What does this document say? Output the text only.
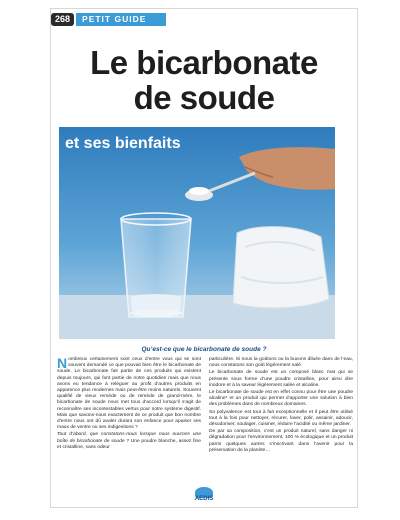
268	PETIT GUIDE
Le bicarbonate
de soude
et ses bienfaits
Qu’est-ce que le bicarbonate de soude ?

Nombreux certainement sont ceux d’entre vous qui se sont souvent demandé ce que pouvait bien être le bicarbonate de soude. Le bicarbonate fait partie de ces produits qui existent depuis toujours, qui font partie de notre quotidien mais que nous avons eu tendance à reléguer au profit d’autres produits en apparence plus modernes mais peut-être moins naturels. Souvent qualifié de vieux remède ou de remède de grand-mère, le bicarbonate de soude nous met tous d’accord lorsqu’il s’agit de reconnaître ses incontestables vertus pour notre système digestif. Mais que savons-nous exactement de ce produit que bon nombre d’entre nous ont dû avaler durant son enfance pour apaiser ses maux de ventre ou ses indigestions ?

Tout d’abord, que constatons-nous lorsque nous ouvrons une boîte de bicarbonate de soude ? Une poudre blanche, assez fine et cristalline, sans odeur

particulière. Si nous la goûtons ou la buvons diluée dans de l’eau, nous constatons son goût légèrement salé.

Le bicarbonate de soude est un composé blanc mat qui se présente sous forme d’une poudre cristalline, pour ainsi dire inodore et à la saveur légèrement salée et alcaline.

Le bicarbonate de soude est en effet connu pour être une poudre alcaline* et un produit qui permet d’apporter une solution à bien des problèmes dans de nombreux domaines.

Sa polyvalence est tout à fait exceptionnelle et il peut être utilisé tout à la fois pour nettoyer, récurer, laver, polir, assainir, adoucir, désodoriser, soulager, cuisiner, réduire l’acidité ou même jardiner.

De par sa composition, c’est un produit naturel, sans danger ni dégradation pour l’environnement, 100 % écologique et un produit parmi quelques autres s’inscrivant dans l’avenir pour la préservation de la planète…

AEDIS
